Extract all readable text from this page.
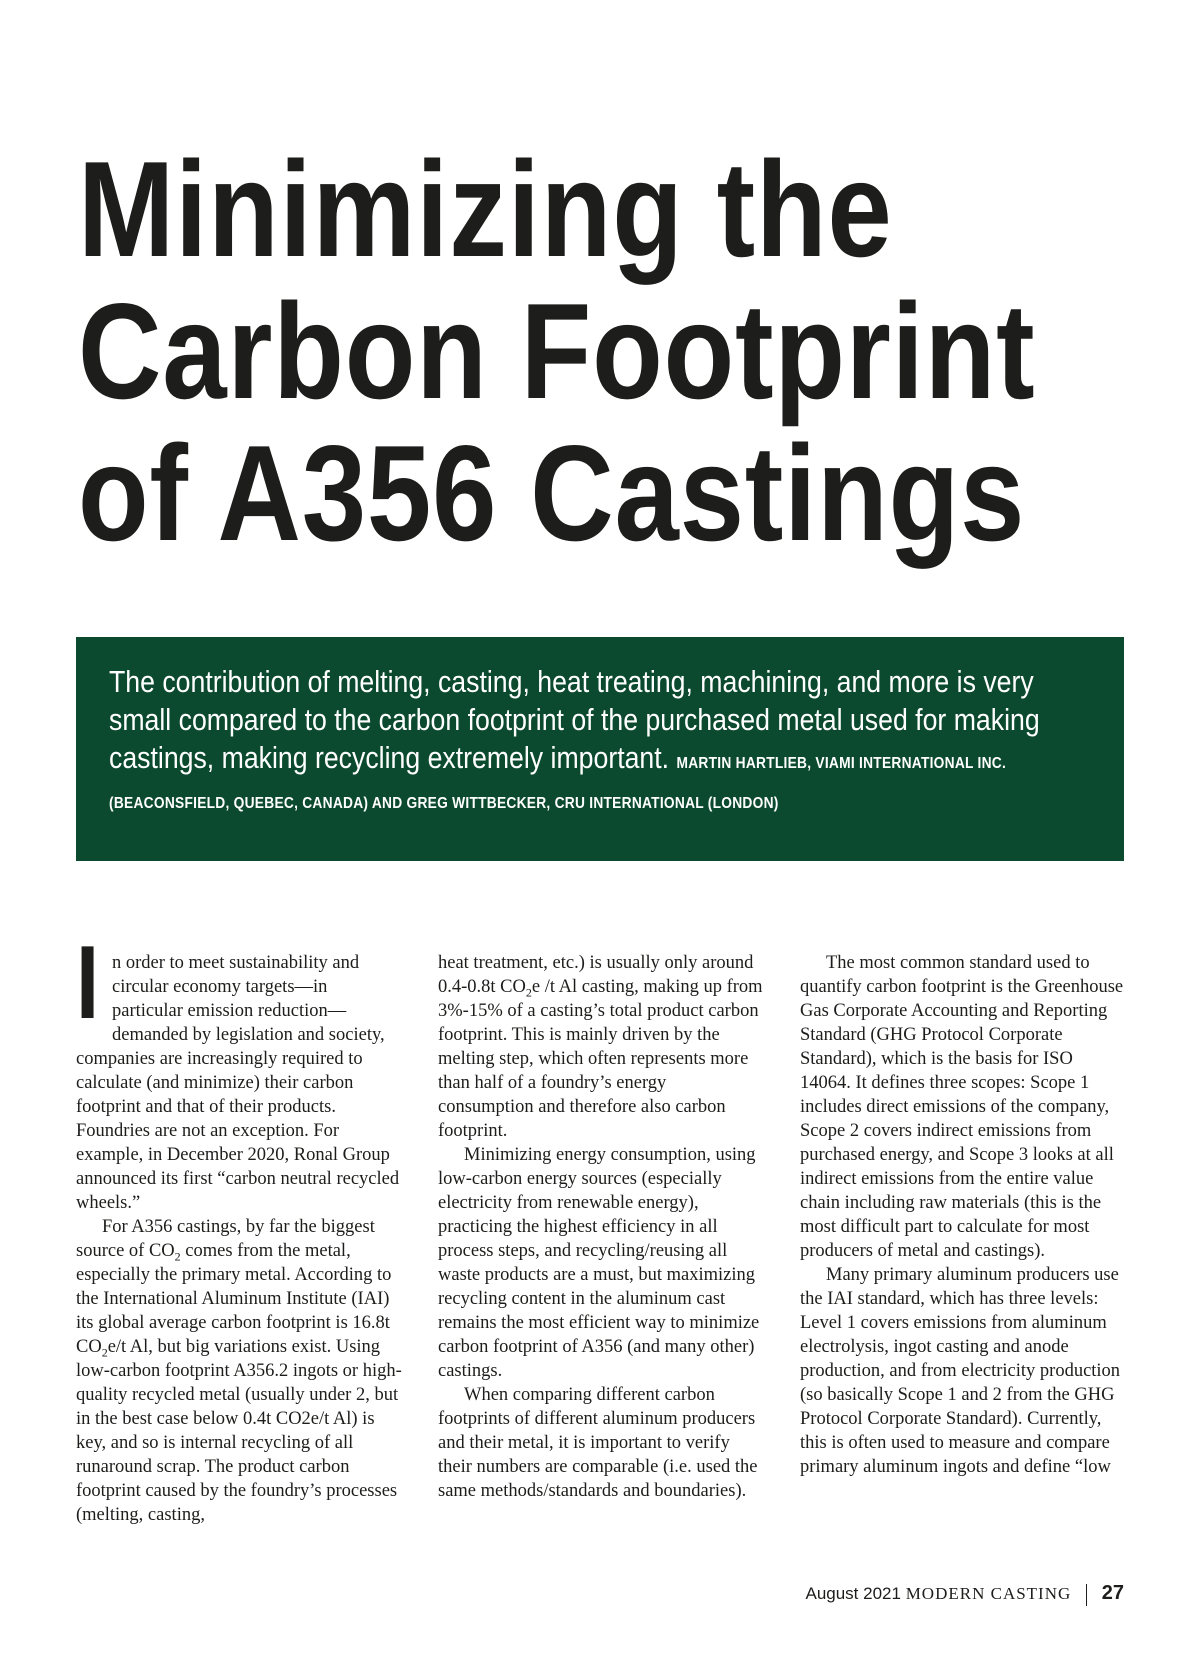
Minimizing the
Carbon Footprint
of A356 Castings
The contribution of melting, casting, heat treating, machining, and more is very small compared to the carbon footprint of the purchased metal used for making castings, making recycling extremely important. MARTIN HARTLIEB, VIAMI INTERNATIONAL INC.
(BEACONSFIELD, QUEBEC, CANADA) AND GREG WITTBECKER, CRU INTERNATIONAL (LONDON)

In order to meet sustainability and circular economy targets—in particular emission reduction—demanded by legislation and society, companies are increasingly required to calculate (and minimize) their carbon footprint and that of their products. Foundries are not an exception. For example, in December 2020, Ronal Group announced its first “carbon neutral recycled wheels.”

For A356 castings, by far the biggest source of $CO_2$ comes from the metal, especially the primary metal. According to the International Aluminum Institute (IAI) its global average carbon footprint is 16.8t $CO_2e/t$ Al, but big variations exist. Using low-carbon footprint A356.2 ingots or high-quality recycled metal (usually under 2, but in the best case below 0.4t CO2e/t Al) is key, and so is internal recycling of all runaround scrap. The product carbon footprint caused by the foundry’s processes (melting, casting,

heat treatment, etc.) is usually only around 0.4-0.8t $CO_2e$ /t Al casting, making up from 3%-15% of a casting’s total product carbon footprint. This is mainly driven by the melting step, which often represents more than half of a foundry’s energy consumption and therefore also carbon footprint.

Minimizing energy consumption, using low-carbon energy sources (especially electricity from renewable energy), practicing the highest efficiency in all process steps, and recycling/reusing all waste products are a must, but maximizing recycling content in the aluminum cast remains the most efficient way to minimize carbon footprint of A356 (and many other) castings.

When comparing different carbon footprints of different aluminum producers and their metal, it is important to verify their numbers are comparable (i.e. used the same methods/standards and boundaries).

The most common standard used to quantify carbon footprint is the Greenhouse Gas Corporate Accounting and Reporting Standard (GHG Protocol Corporate Standard), which is the basis for ISO 14064. It defines three scopes: Scope 1 includes direct emissions of the company, Scope 2 covers indirect emissions from purchased energy, and Scope 3 looks at all indirect emissions from the entire value chain including raw materials (this is the most difficult part to calculate for most producers of metal and castings).

Many primary aluminum producers use the IAI standard, which has three levels: Level 1 covers emissions from aluminum electrolysis, ingot casting and anode production, and from electricity production (so basically Scope 1 and 2 from the GHG Protocol Corporate Standard). Currently, this is often used to measure and compare primary aluminum ingots and define “low

August 2021 MODERN CASTING 27
